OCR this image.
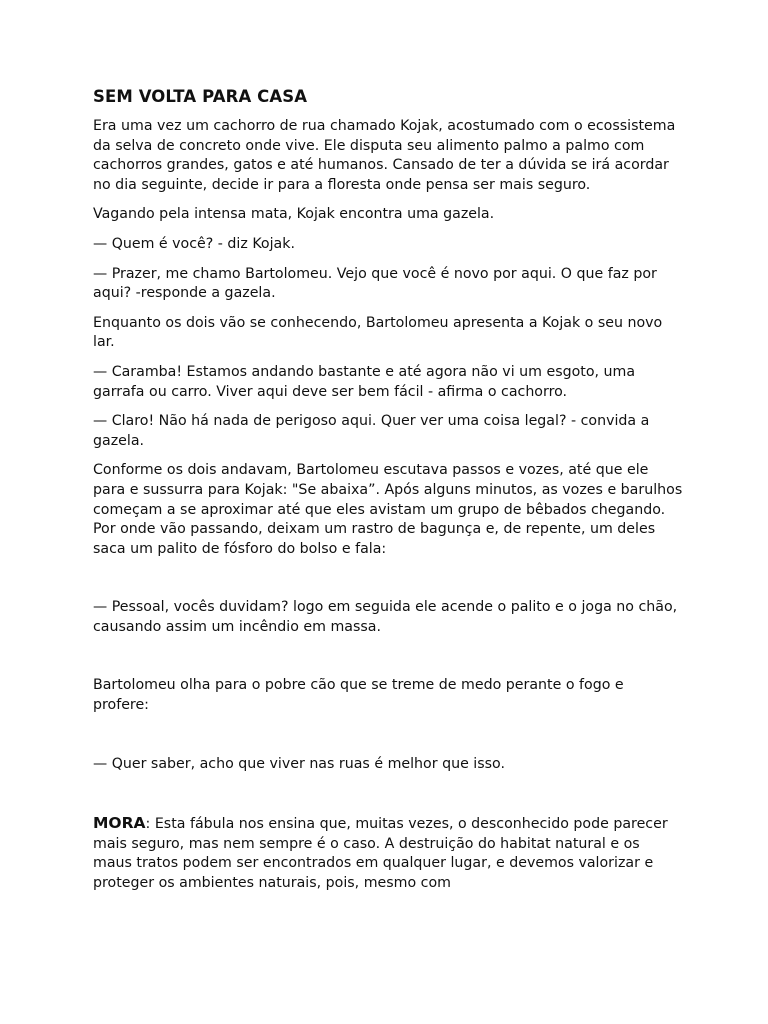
SEM VOLTA PARA CASA

Era uma vez um cachorro de rua chamado Kojak, acostumado com o ecossistema da selva de concreto onde vive. Ele disputa seu alimento palmo a palmo com cachorros grandes, gatos e até humanos. Cansado de ter a dúvida se irá acordar no dia seguinte, decide ir para a floresta onde pensa ser mais seguro.

Vagando pela intensa mata, Kojak encontra uma gazela.

— Quem é você? - diz Kojak.

— Prazer, me chamo Bartolomeu. Vejo que você é novo por aqui. O que faz por aqui? -responde a gazela.

Enquanto os dois vão se conhecendo, Bartolomeu apresenta a Kojak o seu novo lar.

— Caramba! Estamos andando bastante e até agora não vi um esgoto, uma garrafa ou carro. Viver aqui deve ser bem fácil - afirma o cachorro.

— Claro! Não há nada de perigoso aqui. Quer ver uma coisa legal? - convida a gazela.

Conforme os dois andavam, Bartolomeu escutava passos e vozes, até que ele para e sussurra para Kojak: "Se abaixa”. Após alguns minutos, as vozes e barulhos começam a se aproximar até que eles avistam um grupo de bêbados chegando. Por onde vão passando, deixam um rastro de bagunça e, de repente, um deles saca um palito de fósforo do bolso e fala:

— Pessoal, vocês duvidam? logo em seguida ele acende o palito e o joga no chão, causando assim um incêndio em massa.

Bartolomeu olha para o pobre cão que se treme de medo perante o fogo e profere:

— Quer saber, acho que viver nas ruas é melhor que isso.

MORA: Esta fábula nos ensina que, muitas vezes, o desconhecido pode parecer mais seguro, mas nem sempre é o caso. A destruição do habitat natural e os maus tratos podem ser encontrados em qualquer lugar, e devemos valorizar e proteger os ambientes naturais, pois, mesmo com
